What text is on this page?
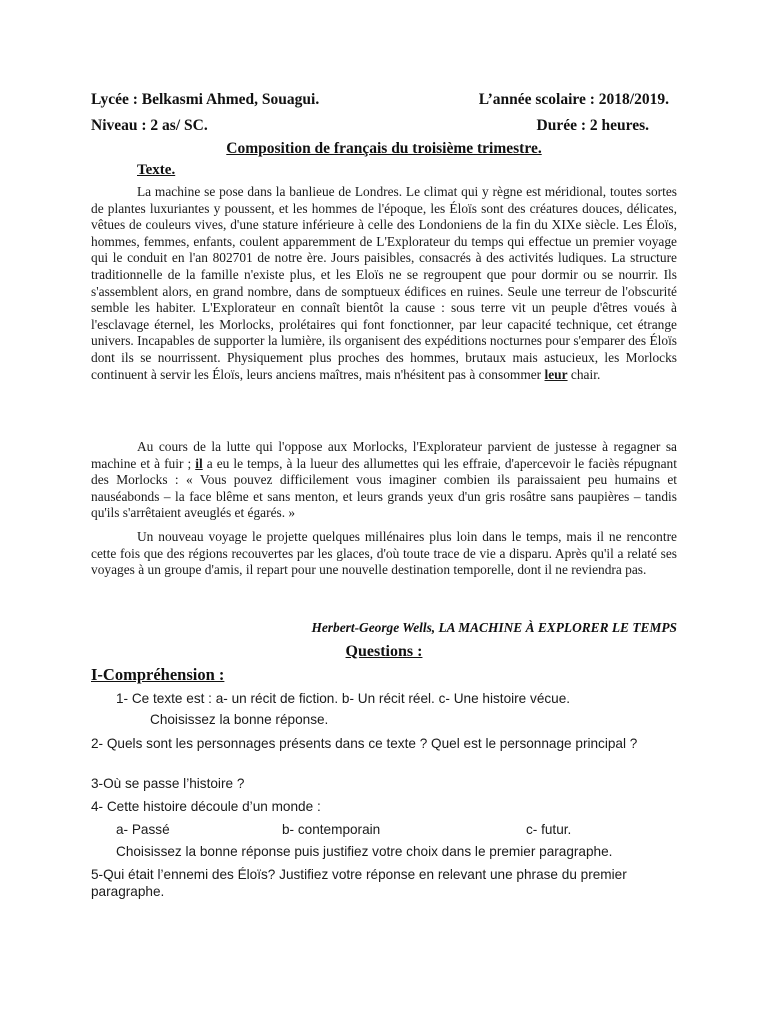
Lycée : Belkasmi Ahmed, Souagui.	L’année scolaire : 2018/2019.
Niveau : 2 as/ SC.	Durée : 2 heures.
Composition de français du troisième trimestre.
Texte.
La machine se pose dans la banlieue de Londres. Le climat qui y règne est méridional, toutes sortes de plantes luxuriantes y poussent, et les hommes de l'époque, les Éloïs sont des créatures douces, délicates, vêtues de couleurs vives, d'une stature inférieure à celle des Londoniens de la fin du XIXe siècle. Les Éloïs, hommes, femmes, enfants, coulent apparemment de L'Explorateur du temps qui effectue un premier voyage qui le conduit en l'an 802701 de notre ère. Jours paisibles, consacrés à des activités ludiques. La structure traditionnelle de la famille n'existe plus, et les Eloïs ne se regroupent que pour dormir ou se nourrir. Ils s'assemblent alors, en grand nombre, dans de somptueux édifices en ruines. Seule une terreur de l'obscurité semble les habiter. L'Explorateur en connaît bientôt la cause : sous terre vit un peuple d'êtres voués à l'esclavage éternel, les Morlocks, prolétaires qui font fonctionner, par leur capacité technique, cet étrange univers. Incapables de supporter la lumière, ils organisent des expéditions nocturnes pour s'emparer des Éloïs dont ils se nourrissent. Physiquement plus proches des hommes, brutaux mais astucieux, les Morlocks continuent à servir les Éloïs, leurs anciens maîtres, mais n'hésitent pas à consommer leur chair.
Au cours de la lutte qui l'oppose aux Morlocks, l'Explorateur parvient de justesse à regagner sa machine et à fuir ; il a eu le temps, à la lueur des allumettes qui les effraie, d'apercevoir le faciès répugnant des Morlocks : « Vous pouvez difficilement vous imaginer combien ils paraissaient peu humains et nauséabonds – la face blême et sans menton, et leurs grands yeux d'un gris rosâtre sans paupières – tandis qu'ils s'arrêtaient aveuglés et égarés. »
Un nouveau voyage le projette quelques millénaires plus loin dans le temps, mais il ne rencontre cette fois que des régions recouvertes par les glaces, d'où toute trace de vie a disparu. Après qu'il a relaté ses voyages à un groupe d'amis, il repart pour une nouvelle destination temporelle, dont il ne reviendra pas.
Herbert-George Wells, LA MACHINE À EXPLORER LE TEMPS
Questions :
I-Compréhension :
1- Ce texte est : a- un récit de fiction. b- Un récit réel. c- Une histoire vécue.
Choisissez la bonne réponse.
2- Quels sont les personnages présents dans ce texte ? Quel est le personnage principal ?
3-Où se passe l’histoire ?
4- Cette histoire découle d’un monde :
a- Passé	b- contemporain	c- futur.
Choisissez la bonne réponse puis justifiez votre choix dans le premier paragraphe.
5-Qui était l’ennemi des Éloïs? Justifiez votre réponse en relevant une phrase du premier paragraphe.
